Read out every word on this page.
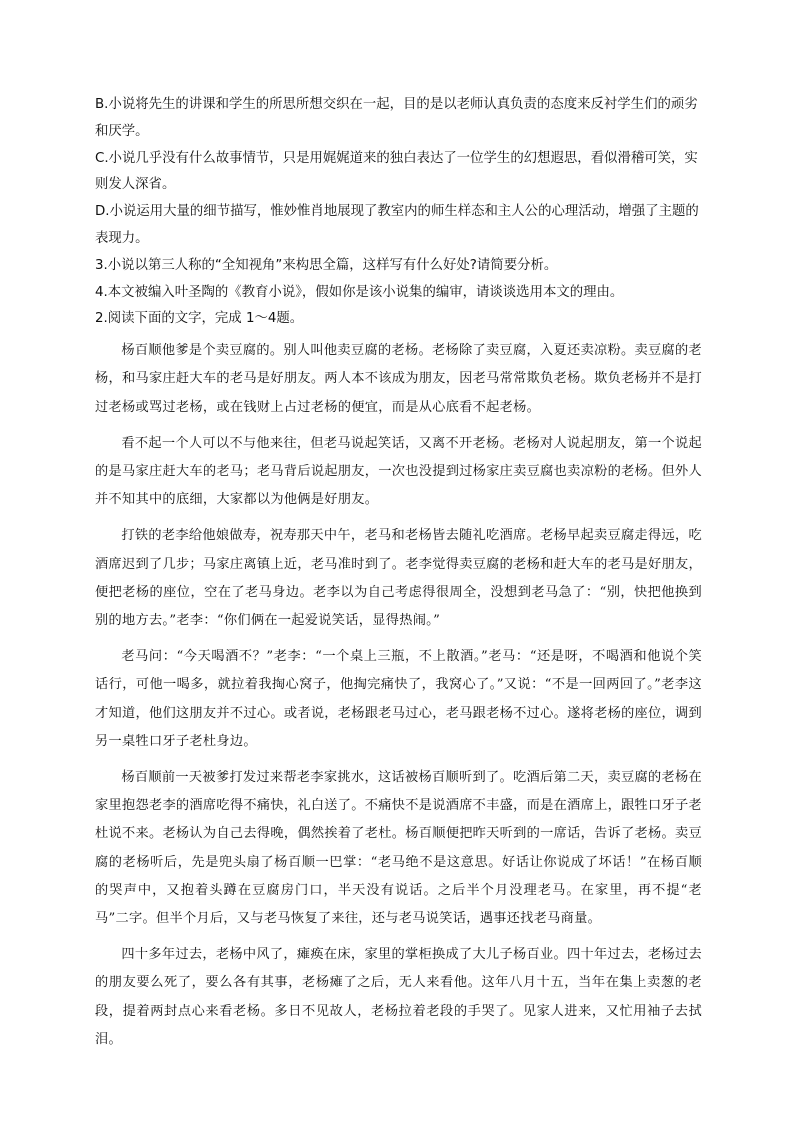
B.小说将先生的讲课和学生的所思所想交织在一起，目的是以老师认真负责的态度来反衬学生们的顽劣和厌学。

C.小说几乎没有什么故事情节，只是用娓娓道来的独白表达了一位学生的幻想遐思，看似滑稽可笑，实则发人深省。

D.小说运用大量的细节描写，惟妙惟肖地展现了教室内的师生样态和主人公的心理活动，增强了主题的表现力。

3.小说以第三人称的“全知视角”来构思全篇，这样写有什么好处?请简要分析。

4.本文被编入叶圣陶的《教育小说》，假如你是该小说集的编审，请谈谈选用本文的理由。

2.阅读下面的文字，完成 1～4题。

杨百顺他爹是个卖豆腐的。别人叫他卖豆腐的老杨。老杨除了卖豆腐，入夏还卖凉粉。卖豆腐的老杨，和马家庄赶大车的老马是好朋友。两人本不该成为朋友，因老马常常欺负老杨。欺负老杨并不是打过老杨或骂过老杨，或在钱财上占过老杨的便宜，而是从心底看不起老杨。

看不起一个人可以不与他来往，但老马说起笑话，又离不开老杨。老杨对人说起朋友，第一个说起的是马家庄赶大车的老马；老马背后说起朋友，一次也没提到过杨家庄卖豆腐也卖凉粉的老杨。但外人并不知其中的底细，大家都以为他俩是好朋友。

打铁的老李给他娘做寿，祝寿那天中午，老马和老杨皆去随礼吃酒席。老杨早起卖豆腐走得远，吃酒席迟到了几步；马家庄离镇上近，老马准时到了。老李觉得卖豆腐的老杨和赶大车的老马是好朋友，便把老杨的座位，空在了老马身边。老李以为自己考虑得很周全，没想到老马急了：“别，快把他换到别的地方去。”老李：“你们俩在一起爱说笑话，显得热闹。”

老马问：“今天喝酒不？”老李：“一个桌上三瓶，不上散酒。”老马：“还是呀，不喝酒和他说个笑话行，可他一喝多，就拉着我掏心窝子，他掏完痛快了，我窝心了。”又说：“不是一回两回了。”老李这才知道，他们这朋友并不过心。或者说，老杨跟老马过心，老马跟老杨不过心。遂将老杨的座位，调到另一桌牲口牙子老杜身边。

杨百顺前一天被爹打发过来帮老李家挑水，这话被杨百顺听到了。吃酒后第二天，卖豆腐的老杨在家里抱怨老李的酒席吃得不痛快，礼白送了。不痛快不是说酒席不丰盛，而是在酒席上，跟牲口牙子老杜说不来。老杨认为自己去得晚，偶然挨着了老杜。杨百顺便把昨天听到的一席话，告诉了老杨。卖豆腐的老杨听后，先是兜头扇了杨百顺一巴掌：“老马绝不是这意思。好话让你说成了坏话！”在杨百顺的哭声中，又抱着头蹲在豆腐房门口，半天没有说话。之后半个月没理老马。在家里，再不提“老马”二字。但半个月后，又与老马恢复了来往，还与老马说笑话，遇事还找老马商量。

四十多年过去，老杨中风了，瘫痪在床，家里的掌柜换成了大儿子杨百业。四十年过去，老杨过去的朋友要么死了，要么各有其事，老杨瘫了之后，无人来看他。这年八月十五，当年在集上卖葱的老段，提着两封点心来看老杨。多日不见故人，老杨拉着老段的手哭了。见家人进来，又忙用袖子去拭泪。
